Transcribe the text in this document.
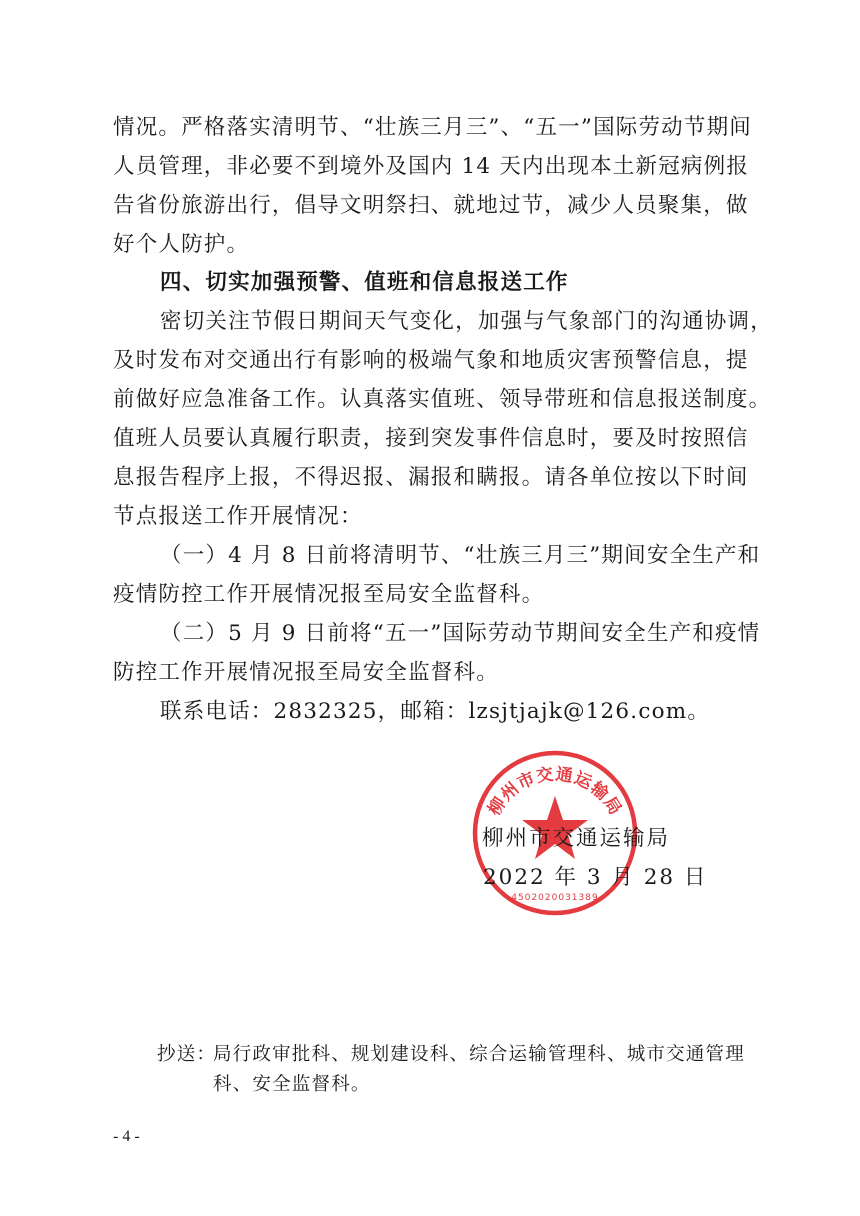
情况。严格落实清明节、“壮族三月三”、“五一”国际劳动节期间

人员管理，非必要不到境外及国内 14 天内出现本土新冠病例报

告省份旅游出行，倡导文明祭扫、就地过节，减少人员聚集，做

好个人防护。

四、切实加强预警、值班和信息报送工作

密切关注节假日期间天气变化，加强与气象部门的沟通协调，

及时发布对交通出行有影响的极端气象和地质灾害预警信息，提

前做好应急准备工作。认真落实值班、领导带班和信息报送制度。

值班人员要认真履行职责，接到突发事件信息时，要及时按照信

息报告程序上报，不得迟报、漏报和瞒报。请各单位按以下时间

节点报送工作开展情况：

（一）4 月 8 日前将清明节、“壮族三月三”期间安全生产和

疫情防控工作开展情况报至局安全监督科。

（二）5 月 9 日前将“五一”国际劳动节期间安全生产和疫情

防控工作开展情况报至局安全监督科。

联系电话：2832325，邮箱：lzsjtjajk@126.com。

柳州市交通运输局
4502020031389
柳州市交通运输局
2022 年 3 月 28 日
抄送：
局行政审批科、规划建设科、综合运输管理科、城市交通管理
科、安全监督科。
- 4 -
